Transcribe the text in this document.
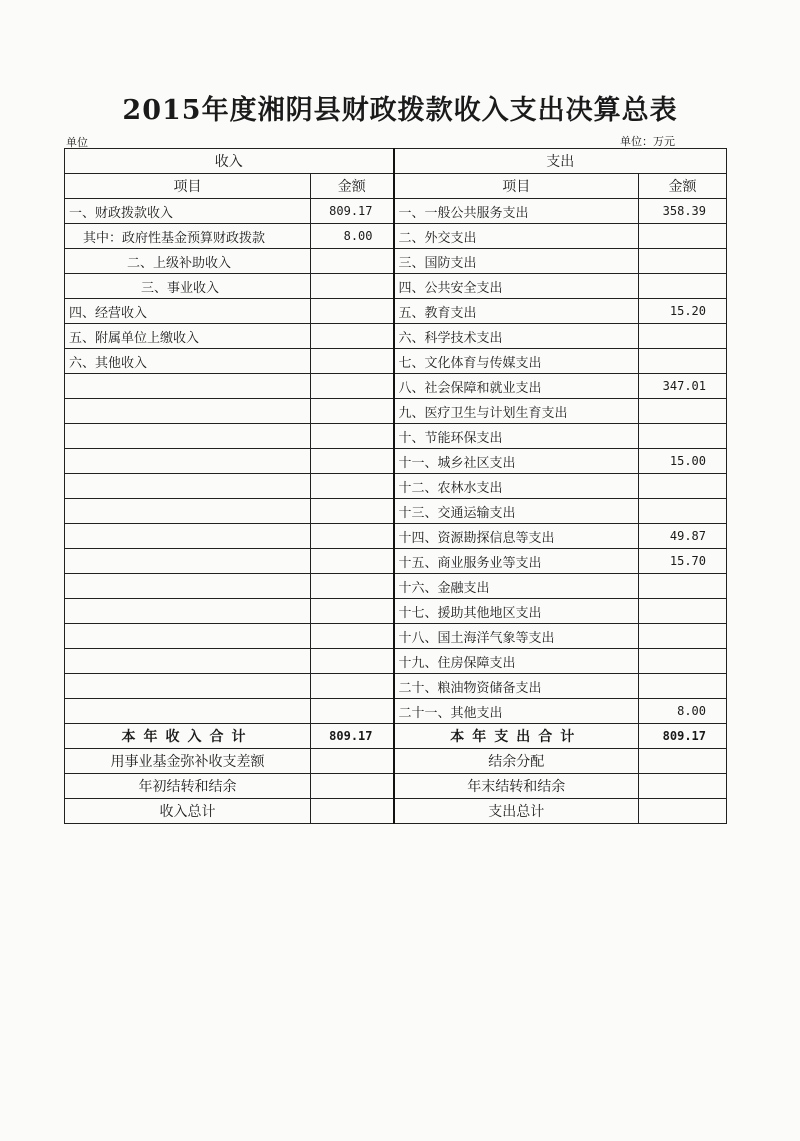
2015年度湘阴县财政拨款收入支出决算总表
单位	单位：万元
收入		支出	
项目	金额	项目	金额
一、财政拨款收入	809.17	一、一般公共服务支出	358.39
其中：政府性基金预算财政拨款	8.00	二、外交支出	
二、上级补助收入		三、国防支出	
三、事业收入		四、公共安全支出	
四、经营收入		五、教育支出	15.20
五、附属单位上缴收入		六、科学技术支出	
六、其他收入		七、文化体育与传媒支出	
		八、社会保障和就业支出	347.01
		九、医疗卫生与计划生育支出	
		十、节能环保支出	
		十一、城乡社区支出	15.00
		十二、农林水支出	
		十三、交通运输支出	
		十四、资源勘探信息等支出	49.87
		十五、商业服务业等支出	15.70
		十六、金融支出	
		十七、援助其他地区支出	
		十八、国土海洋气象等支出	
		十九、住房保障支出	
		二十、粮油物资储备支出	
		二十一、其他支出	8.00
本年收入合计	809.17	本年支出合计	809.17
用事业基金弥补收支差额		结余分配	
年初结转和结余		年末结转和结余	
收入总计		支出总计	
